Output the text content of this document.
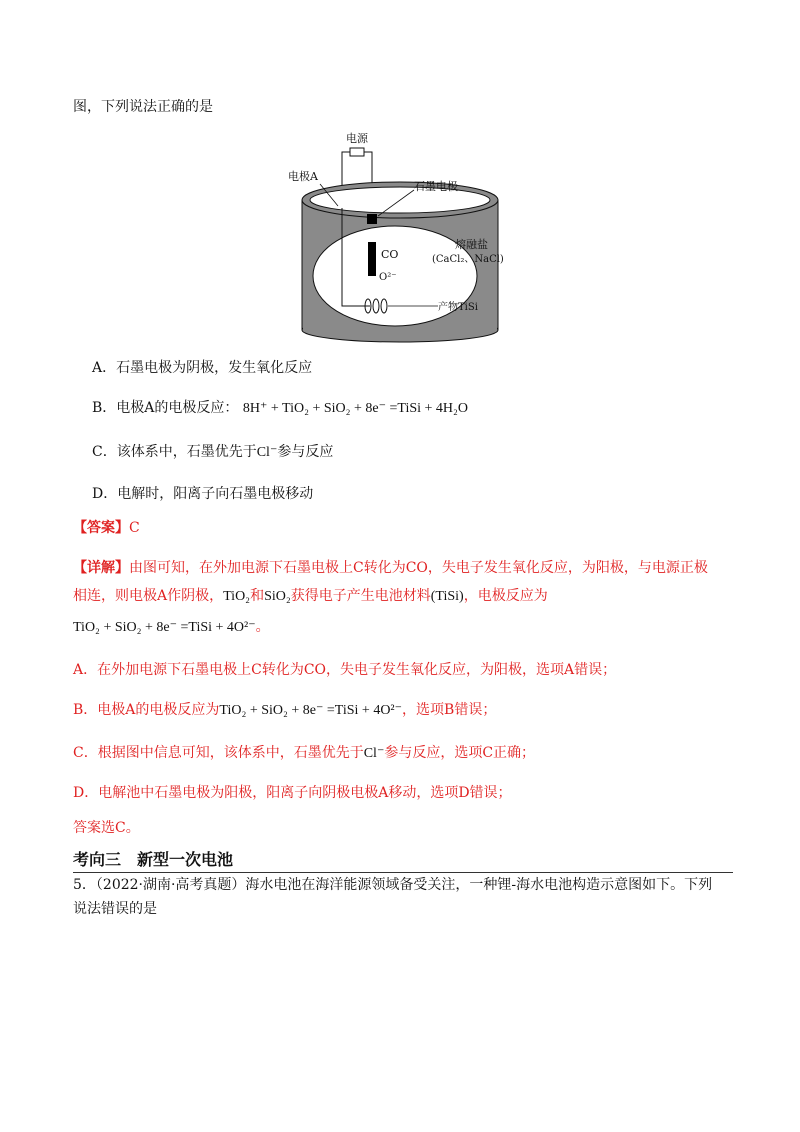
图，下列说法正确的是
电源
电极A
石墨电极
熔融盐
(CaCl₂、NaCl)
CO
O²⁻
产物TiSi
A．石墨电极为阴极，发生氧化反应
B．电极A的电极反应： 8H⁺ + TiO₂ + SiO₂ + 8e⁻ =TiSi + 4H₂O
C．该体系中，石墨优先于Cl⁻参与反应
D．电解时，阳离子向石墨电极移动
【答案】C
【详解】由图可知，在外加电源下石墨电极上C转化为CO，失电子发生氧化反应，为阳极，与电源正极
相连，则电极A作阴极，TiO₂和SiO₂获得电子产生电池材料(TiSi)，电极反应为
TiO₂ + SiO₂ + 8e⁻ =TiSi + 4O²⁻。
A．在外加电源下石墨电极上C转化为CO，失电子发生氧化反应，为阳极，选项A错误；
B．电极A的电极反应为TiO₂ + SiO₂ + 8e⁻ =TiSi + 4O²⁻，选项B错误；
C．根据图中信息可知，该体系中，石墨优先于Cl⁻参与反应，选项C正确；
D．电解池中石墨电极为阳极，阳离子向阴极电极A移动，选项D错误；
答案选C。
考向三　新型一次电池
5．（2022·湖南·高考真题）海水电池在海洋能源领域备受关注，一种锂-海水电池构造示意图如下。下列
说法错误的是
